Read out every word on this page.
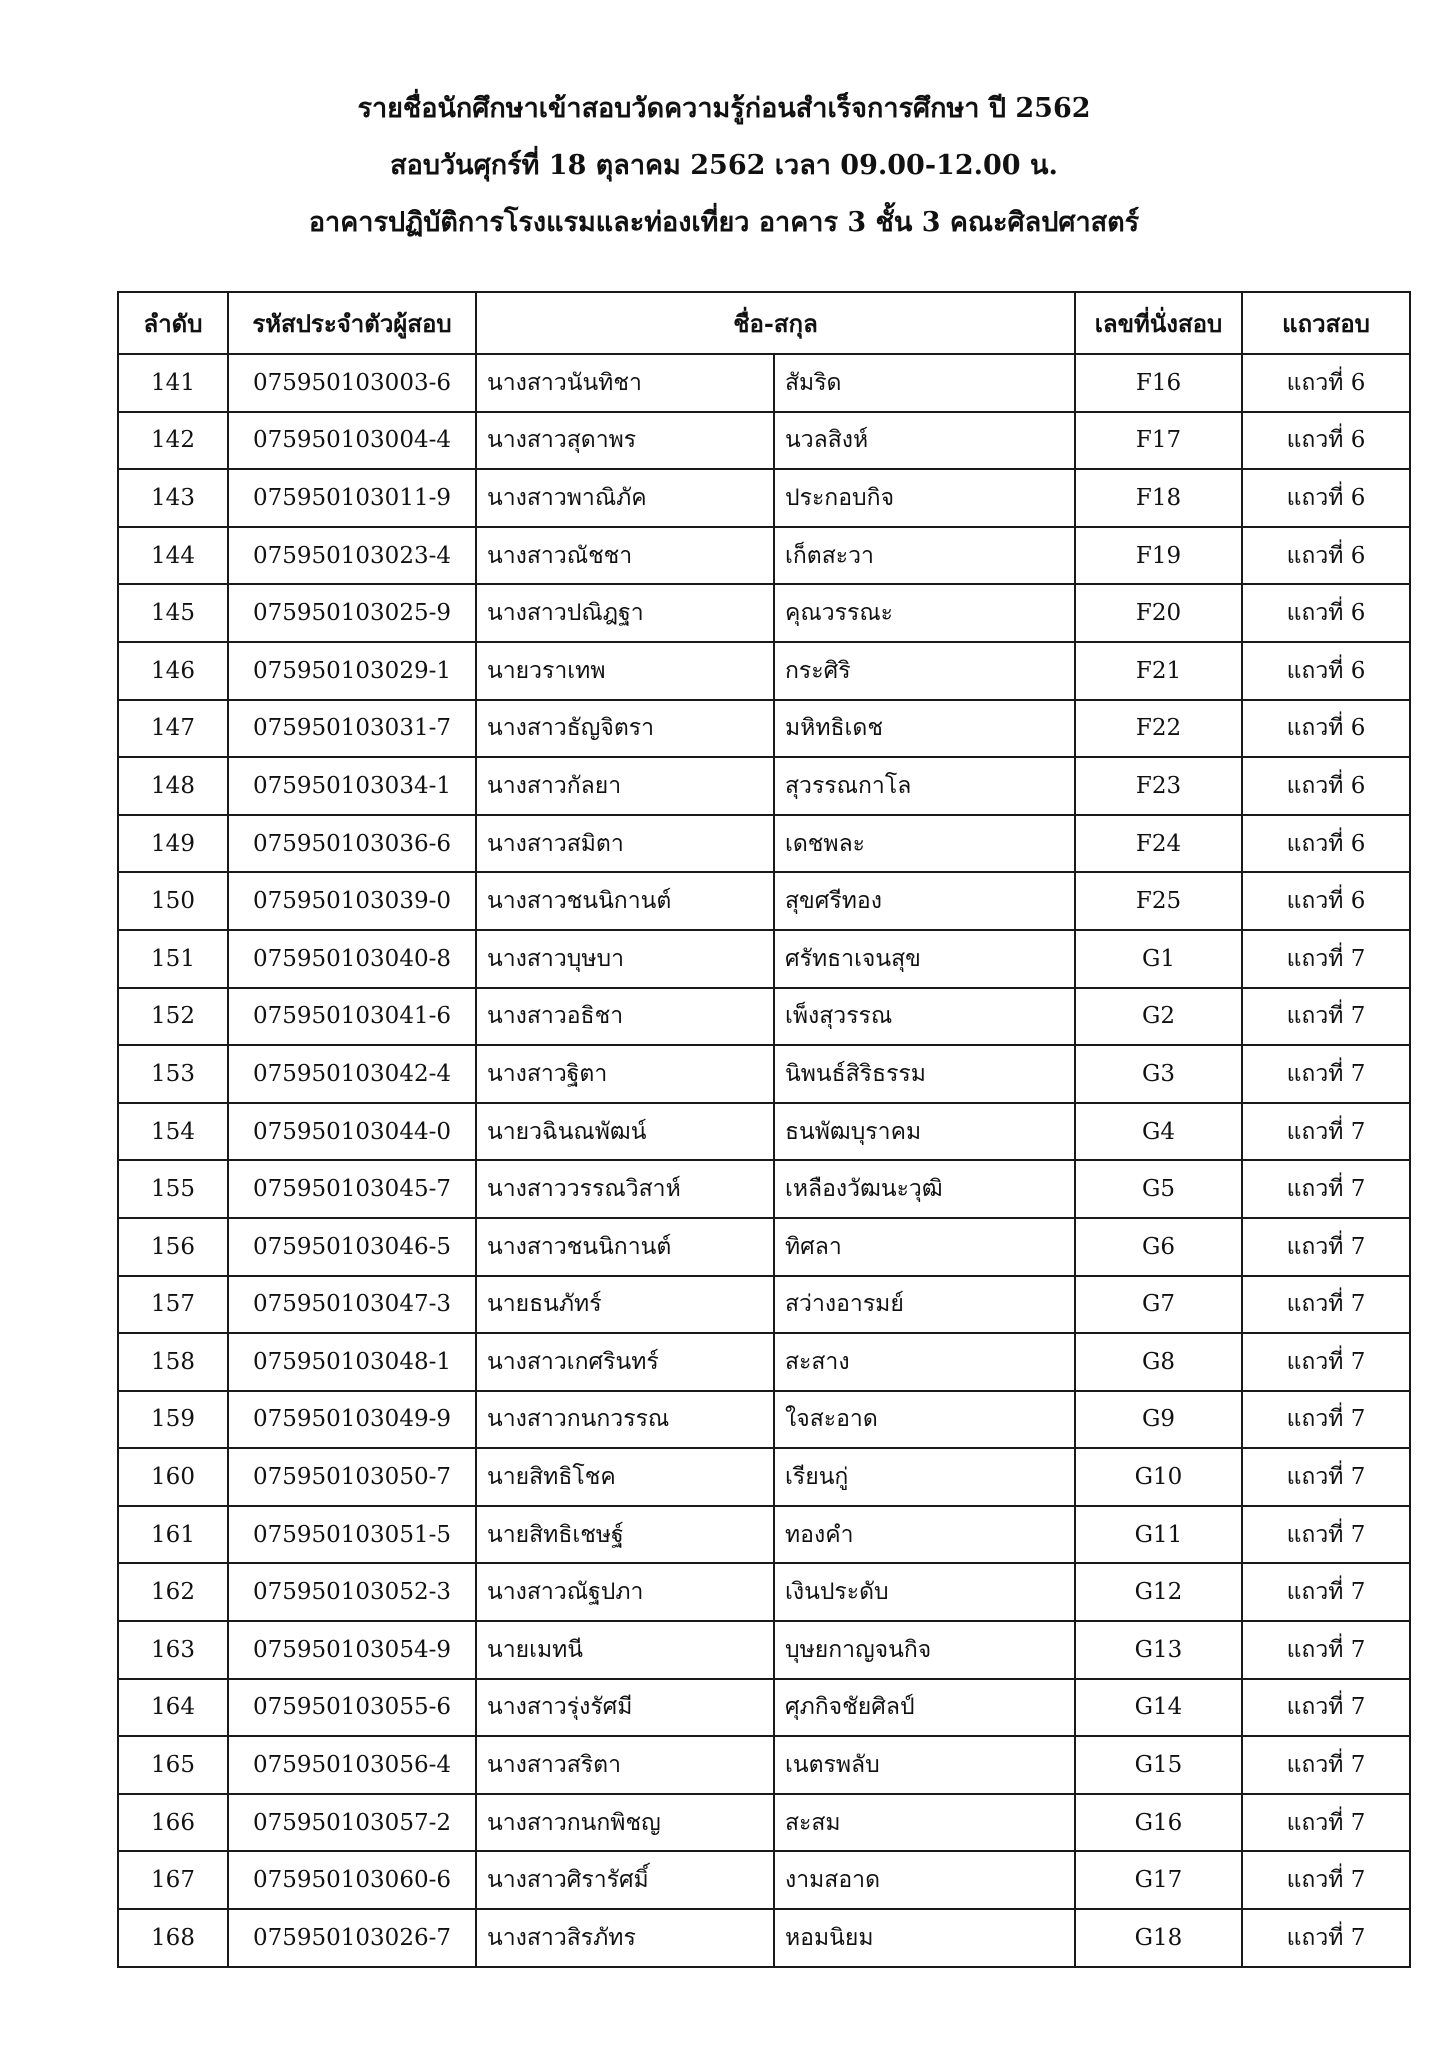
รายชื่อนักศึกษาเข้าสอบวัดความรู้ก่อนสำเร็จการศึกษา ปี 2562
สอบวันศุกร์ที่ 18 ตุลาคม 2562 เวลา 09.00-12.00 น.
อาคารปฏิบัติการโรงแรมและท่องเที่ยว อาคาร 3 ชั้น 3 คณะศิลปศาสตร์
ลำดับ	รหัสประจำตัวผู้สอบ	ชื่อ-สกุล		เลขที่นั่งสอบ	แถวสอบ
141	075950103003-6	นางสาวนันทิชา	สัมริด	F16	แถวที่ 6
142	075950103004-4	นางสาวสุดาพร	นวลสิงห์	F17	แถวที่ 6
143	075950103011-9	นางสาวพาณิภัค	ประกอบกิจ	F18	แถวที่ 6
144	075950103023-4	นางสาวณัชชา	เก็ตสะวา	F19	แถวที่ 6
145	075950103025-9	นางสาวปณิฎฐา	คุณวรรณะ	F20	แถวที่ 6
146	075950103029-1	นายวราเทพ	กระศิริ	F21	แถวที่ 6
147	075950103031-7	นางสาวธัญจิตรา	มหิทธิเดช	F22	แถวที่ 6
148	075950103034-1	นางสาวกัลยา	สุวรรณกาโล	F23	แถวที่ 6
149	075950103036-6	นางสาวสมิตา	เดชพละ	F24	แถวที่ 6
150	075950103039-0	นางสาวชนนิกานต์	สุขศรีทอง	F25	แถวที่ 6
151	075950103040-8	นางสาวบุษบา	ศรัทธาเจนสุข	G1	แถวที่ 7
152	075950103041-6	นางสาวอธิชา	เพ็งสุวรรณ	G2	แถวที่ 7
153	075950103042-4	นางสาวฐิตา	นิพนธ์สิริธรรม	G3	แถวที่ 7
154	075950103044-0	นายวฉินณพัฒน์	ธนพัฒบุราคม	G4	แถวที่ 7
155	075950103045-7	นางสาววรรณวิสาห์	เหลืองวัฒนะวุฒิ	G5	แถวที่ 7
156	075950103046-5	นางสาวชนนิกานต์	ทิศลา	G6	แถวที่ 7
157	075950103047-3	นายธนภัทร์	สว่างอารมย์	G7	แถวที่ 7
158	075950103048-1	นางสาวเกศรินทร์	สะสาง	G8	แถวที่ 7
159	075950103049-9	นางสาวกนกวรรณ	ใจสะอาด	G9	แถวที่ 7
160	075950103050-7	นายสิทธิโชค	เรียนกู่	G10	แถวที่ 7
161	075950103051-5	นายสิทธิเชษฐ์	ทองคำ	G11	แถวที่ 7
162	075950103052-3	นางสาวณัฐปภา	เงินประดับ	G12	แถวที่ 7
163	075950103054-9	นายเมทนี	บุษยกาญจนกิจ	G13	แถวที่ 7
164	075950103055-6	นางสาวรุ่งรัศมี	ศุภกิจชัยศิลป์	G14	แถวที่ 7
165	075950103056-4	นางสาวสริตา	เนตรพลับ	G15	แถวที่ 7
166	075950103057-2	นางสาวกนกพิชญ	สะสม	G16	แถวที่ 7
167	075950103060-6	นางสาวศิรารัศมิ์	งามสอาด	G17	แถวที่ 7
168	075950103026-7	นางสาวสิรภัทร	หอมนิยม	G18	แถวที่ 7
